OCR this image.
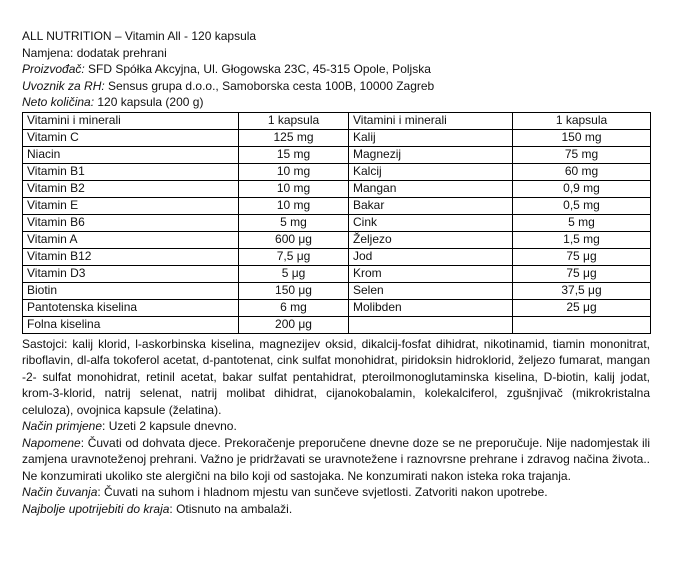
ALL NUTRITION – Vitamin All - 120 kapsula
Namjena: dodatak prehrani
Proizvođač: SFD Spółka Akcyjna, Ul. Głogowska 23C, 45-315 Opole, Poljska
Uvoznik za RH: Sensus grupa d.o.o., Samoborska cesta 100B, 10000 Zagreb
Neto količina: 120 kapsula (200 g)
Vitamini i minerali	1 kapsula	Vitamini i minerali	1 kapsula
Vitamin C	125 mg	Kalij	150 mg
Niacin	15 mg	Magnezij	75 mg
Vitamin B1	10 mg	Kalcij	60 mg
Vitamin B2	10 mg	Mangan	0,9 mg
Vitamin E	10 mg	Bakar	0,5 mg
Vitamin B6	5 mg	Cink	5 mg
Vitamin A	600 μg	Željezo	1,5 mg
Vitamin B12	7,5 μg	Jod	75 μg
Vitamin D3	5 μg	Krom	75 μg
Biotin	150 μg	Selen	37,5 μg
Pantotenska kiselina	6 mg	Molibden	25 μg
Folna kiselina	200 μg		
Sastojci: kalij klorid, l-askorbinska kiselina, magnezijev oksid, dikalcij-fosfat dihidrat, nikotinamid, tiamin mononitrat, riboflavin, dl-alfa tokoferol acetat, d-pantotenat, cink sulfat monohidrat, piridoksin hidroklorid, željezo fumarat, mangan -2- sulfat monohidrat, retinil acetat, bakar sulfat pentahidrat, pteroilmonoglutaminska kiselina, D-biotin, kalij jodat, krom-3-klorid, natrij selenat, natrij molibat dihidrat, cijanokobalamin, kolekalciferol, zgušnjivač (mikrokristalna celuloza), ovojnica kapsule (želatina).
Način primjene: Uzeti 2 kapsule dnevno.
Napomene: Čuvati od dohvata djece. Prekoračenje preporučene dnevne doze se ne preporučuje. Nije nadomjestak ili zamjena uravnoteženoj prehrani. Važno je pridržavati se uravnotežene i raznovrsne prehrane i zdravog načina života.. Ne konzumirati ukoliko ste alergični na bilo koji od sastojaka. Ne konzumirati nakon isteka roka trajanja.
Način čuvanja: Čuvati na suhom i hladnom mjestu van sunčeve svjetlosti. Zatvoriti nakon upotrebe.
Najbolje upotrijebiti do kraja: Otisnuto na ambalaži.
